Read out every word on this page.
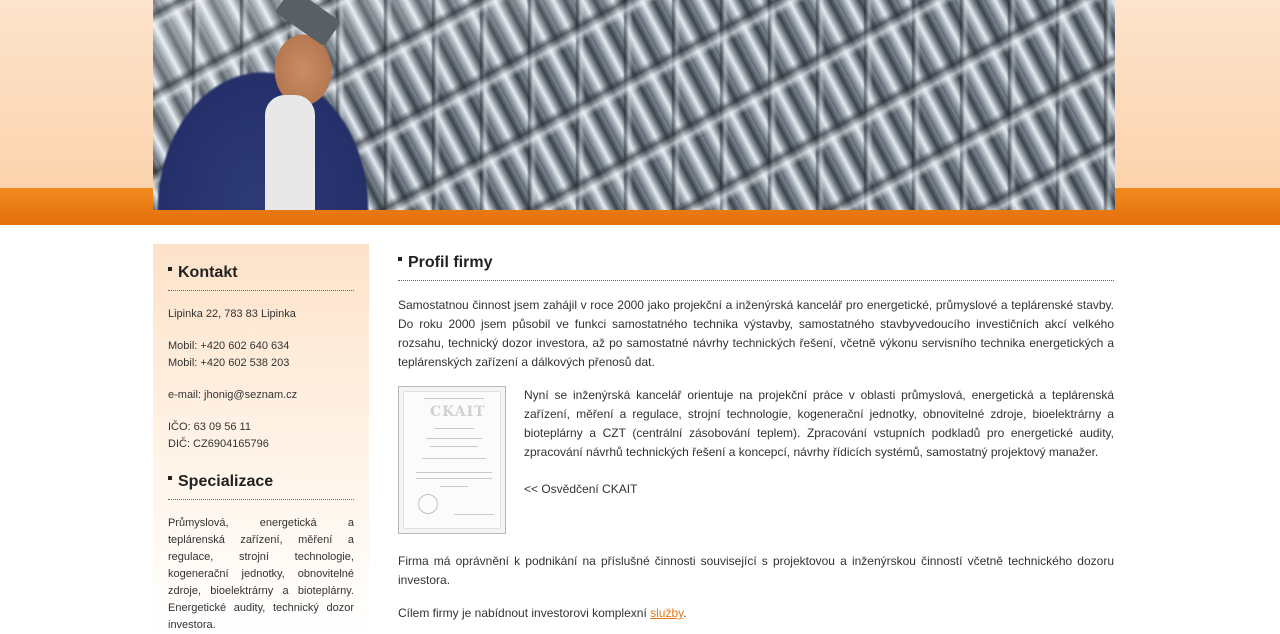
Kontakt
Lipinka 22, 783 83 Lipinka
Mobil: +420 602 640 634
Mobil: +420 602 538 203
e-mail: jhonig@seznam.cz
IČO: 63 09 56 11
DIČ: CZ6904165796
Specializace
Průmyslová, energetická a teplárenská zařízení, měření a regulace, strojní technologie, kogenerační jednotky, obnovitelné zdroje, bioelektrárny a bioteplárny. Energetické audity, technický dozor investora.
Profil firmy
Samostatnou činnost jsem zahájil v roce 2000 jako projekční a inženýrská kancelář pro energetické, průmyslové a teplárenské stavby. Do roku 2000 jsem působil ve funkci samostatného technika výstavby, samostatného stavbyvedoucího investičních akcí velkého rozsahu, technický dozor investora, až po samostatné návrhy technických řešení, včetně výkonu servisního technika energetických a teplárenských zařízení a dálkových přenosů dat.
CKAIT
Nyní se inženýrská kancelář orientuje na projekční práce v oblasti průmyslová, energetická a teplárenská zařízení, měření a regulace, strojní technologie, kogenerační jednotky, obnovitelné zdroje, bioelektrárny a bioteplárny a CZT (centrální zásobování teplem). Zpracování vstupních podkladů pro energetické audity, zpracování návrhů technických řešení a koncepcí, návrhy řídicích systémů, samostatný projektový manažer.
<< Osvědčení CKAIT
Firma má oprávnění k podnikání na příslušné činnosti související s projektovou a inženýrskou činností včetně technického dozoru investora.
Cílem firmy je nabídnout investorovi komplexní služby.
